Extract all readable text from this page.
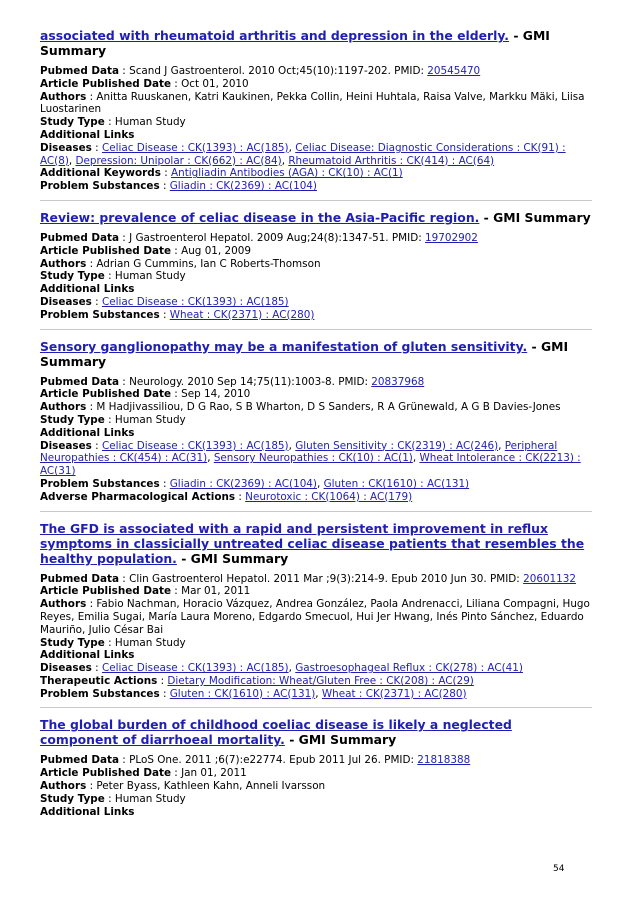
associated with rheumatoid arthritis and depression in the elderly. - GMI Summary
Pubmed Data : Scand J Gastroenterol. 2010 Oct;45(10):1197-202. PMID: 20545470
Article Published Date : Oct 01, 2010
Authors : Anitta Ruuskanen, Katri Kaukinen, Pekka Collin, Heini Huhtala, Raisa Valve, Markku Mäki, Liisa Luostarinen
Study Type : Human Study
Additional Links
Diseases : Celiac Disease : CK(1393) : AC(185), Celiac Disease: Diagnostic Considerations : CK(91) : AC(8), Depression: Unipolar : CK(662) : AC(84), Rheumatoid Arthritis : CK(414) : AC(64)
Additional Keywords : Antigliadin Antibodies (AGA) : CK(10) : AC(1)
Problem Substances : Gliadin : CK(2369) : AC(104)
Review: prevalence of celiac disease in the Asia-Pacific region. - GMI Summary
Pubmed Data : J Gastroenterol Hepatol. 2009 Aug;24(8):1347-51. PMID: 19702902
Article Published Date : Aug 01, 2009
Authors : Adrian G Cummins, Ian C Roberts-Thomson
Study Type : Human Study
Additional Links
Diseases : Celiac Disease : CK(1393) : AC(185)
Problem Substances : Wheat : CK(2371) : AC(280)
Sensory ganglionopathy may be a manifestation of gluten sensitivity. - GMI Summary
Pubmed Data : Neurology. 2010 Sep 14;75(11):1003-8. PMID: 20837968
Article Published Date : Sep 14, 2010
Authors : M Hadjivassiliou, D G Rao, S B Wharton, D S Sanders, R A Grünewald, A G B Davies-Jones
Study Type : Human Study
Additional Links
Diseases : Celiac Disease : CK(1393) : AC(185), Gluten Sensitivity : CK(2319) : AC(246), Peripheral Neuropathies : CK(454) : AC(31), Sensory Neuropathies : CK(10) : AC(1), Wheat Intolerance : CK(2213) : AC(31)
Problem Substances : Gliadin : CK(2369) : AC(104), Gluten : CK(1610) : AC(131)
Adverse Pharmacological Actions : Neurotoxic : CK(1064) : AC(179)
The GFD is associated with a rapid and persistent improvement in reflux symptoms in classicially untreated celiac disease patients that resembles the healthy population. - GMI Summary
Pubmed Data : Clin Gastroenterol Hepatol. 2011 Mar ;9(3):214-9. Epub 2010 Jun 30. PMID: 20601132
Article Published Date : Mar 01, 2011
Authors : Fabio Nachman, Horacio Vázquez, Andrea González, Paola Andrenacci, Liliana Compagni, Hugo Reyes, Emilia Sugai, María Laura Moreno, Edgardo Smecuol, Hui Jer Hwang, Inés Pinto Sánchez, Eduardo Mauriño, Julio César Bai
Study Type : Human Study
Additional Links
Diseases : Celiac Disease : CK(1393) : AC(185), Gastroesophageal Reflux : CK(278) : AC(41)
Therapeutic Actions : Dietary Modification: Wheat/Gluten Free : CK(208) : AC(29)
Problem Substances : Gluten : CK(1610) : AC(131), Wheat : CK(2371) : AC(280)
The global burden of childhood coeliac disease is likely a neglected component of diarrhoeal mortality. - GMI Summary
Pubmed Data : PLoS One. 2011 ;6(7):e22774. Epub 2011 Jul 26. PMID: 21818388
Article Published Date : Jan 01, 2011
Authors : Peter Byass, Kathleen Kahn, Anneli Ivarsson
Study Type : Human Study
Additional Links
54
